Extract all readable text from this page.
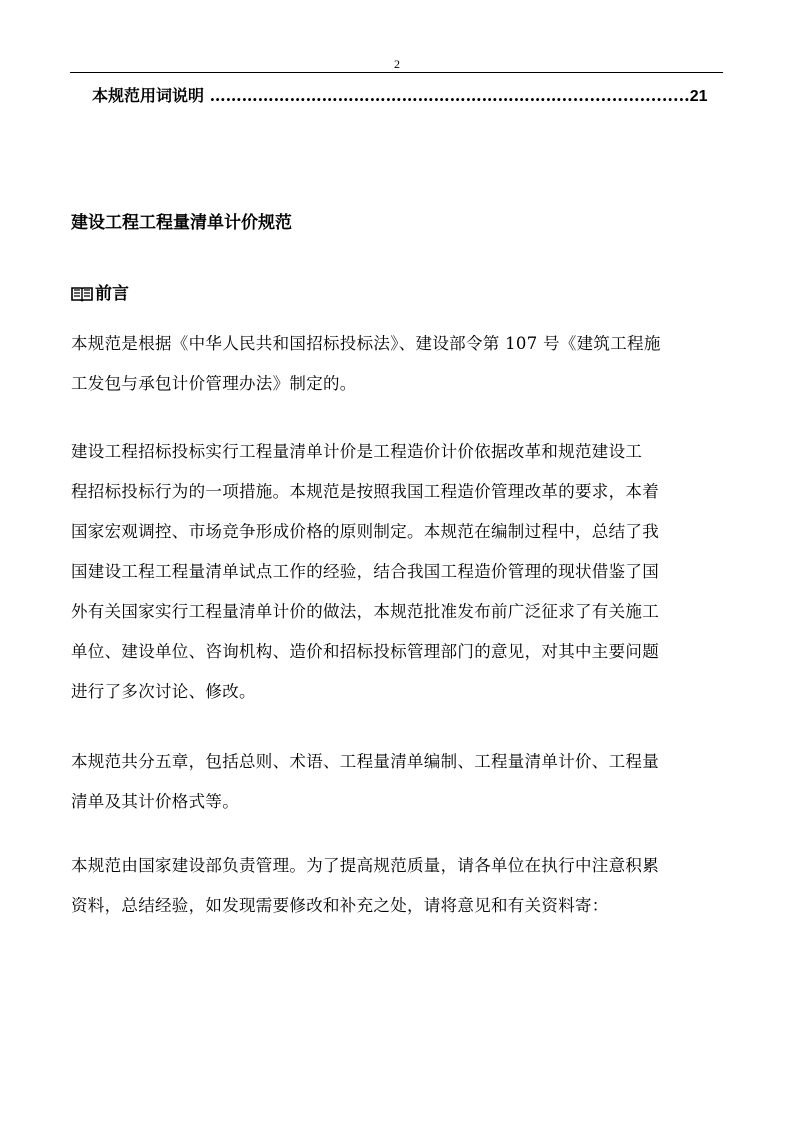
2
本规范用词说明 ………………………………………………………….......................21
建设工程工程量清单计价规范
前言

本规范是根据《中华人民共和国招标投标法》、建设部令第 107 号《建筑工程施
工发包与承包计价管理办法》制定的。

建设工程招标投标实行工程量清单计价是工程造价计价依据改革和规范建设工
程招标投标行为的一项措施。本规范是按照我国工程造价管理改革的要求，本着
国家宏观调控、市场竞争形成价格的原则制定。本规范在编制过程中，总结了我
国建设工程工程量清单试点工作的经验，结合我国工程造价管理的现状借鉴了国
外有关国家实行工程量清单计价的做法，本规范批准发布前广泛征求了有关施工
单位、建设单位、咨询机构、造价和招标投标管理部门的意见，对其中主要问题
进行了多次讨论、修改。

本规范共分五章，包括总则、术语、工程量清单编制、工程量清单计价、工程量
清单及其计价格式等。

本规范由国家建设部负责管理。为了提高规范质量，请各单位在执行中注意积累
资料，总结经验，如发现需要修改和补充之处，请将意见和有关资料寄：
